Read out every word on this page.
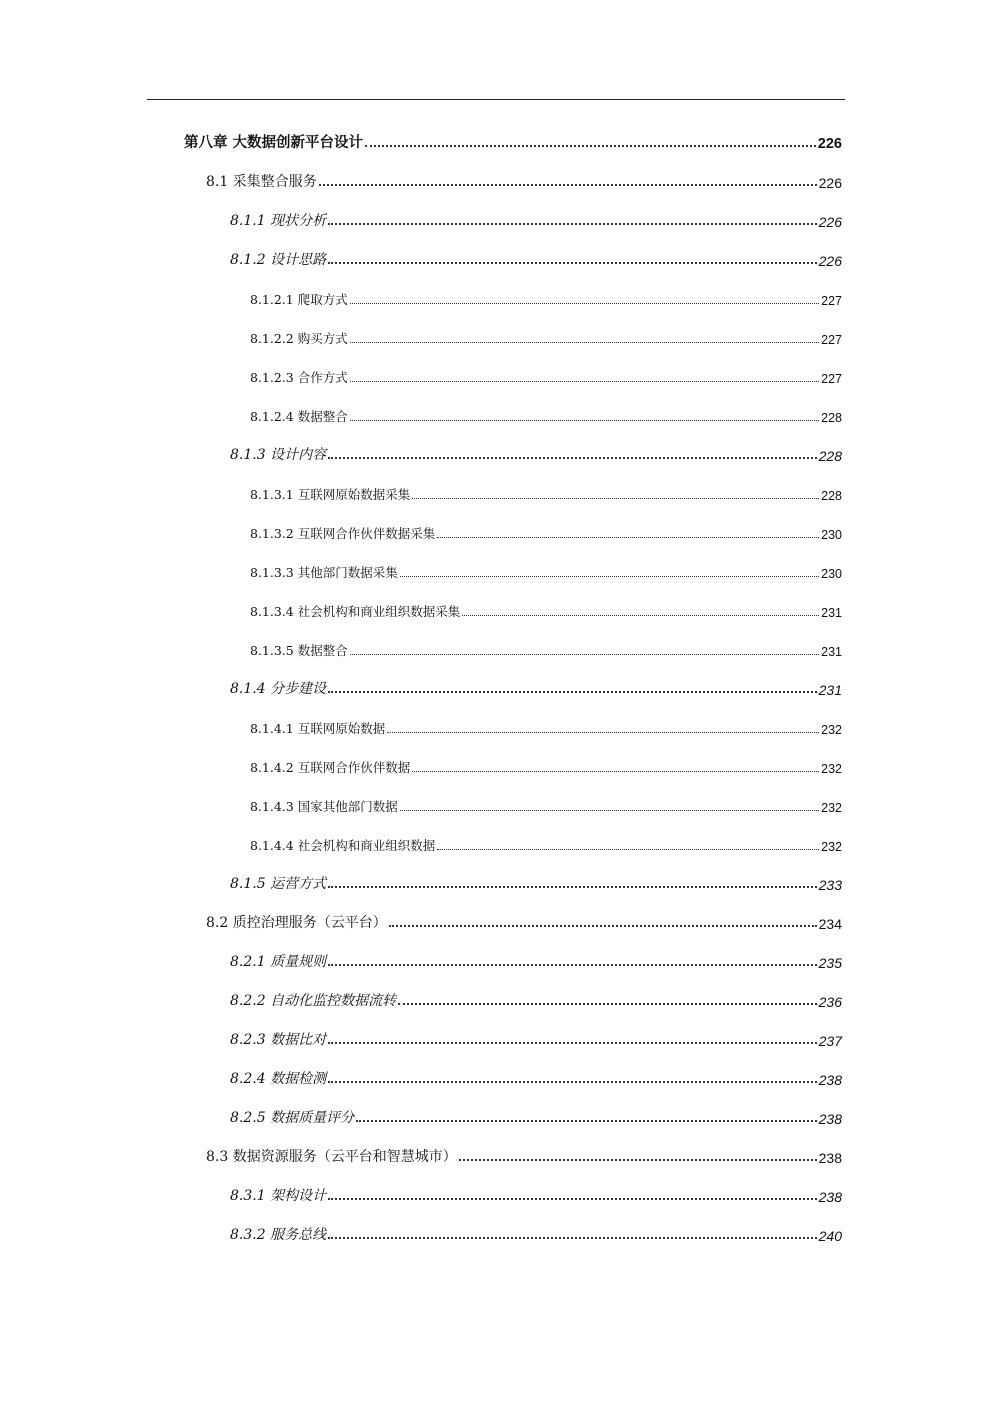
第八章 大数据创新平台设计	226
8.1 采集整合服务	226
8.1.1 现状分析	226
8.1.2 设计思路	226
8.1.2.1 爬取方式	227
8.1.2.2 购买方式	227
8.1.2.3 合作方式	227
8.1.2.4 数据整合	228
8.1.3 设计内容	228
8.1.3.1 互联网原始数据采集	228
8.1.3.2 互联网合作伙伴数据采集	230
8.1.3.3 其他部门数据采集	230
8.1.3.4 社会机构和商业组织数据采集	231
8.1.3.5 数据整合	231
8.1.4 分步建设	231
8.1.4.1 互联网原始数据	232
8.1.4.2 互联网合作伙伴数据	232
8.1.4.3 国家其他部门数据	232
8.1.4.4 社会机构和商业组织数据	232
8.1.5 运营方式	233
8.2 质控治理服务（云平台）	234
8.2.1 质量规则	235
8.2.2 自动化监控数据流转	236
8.2.3 数据比对	237
8.2.4 数据检测	238
8.2.5 数据质量评分	238
8.3 数据资源服务（云平台和智慧城市）	238
8.3.1 架构设计	238
8.3.2 服务总线	240
